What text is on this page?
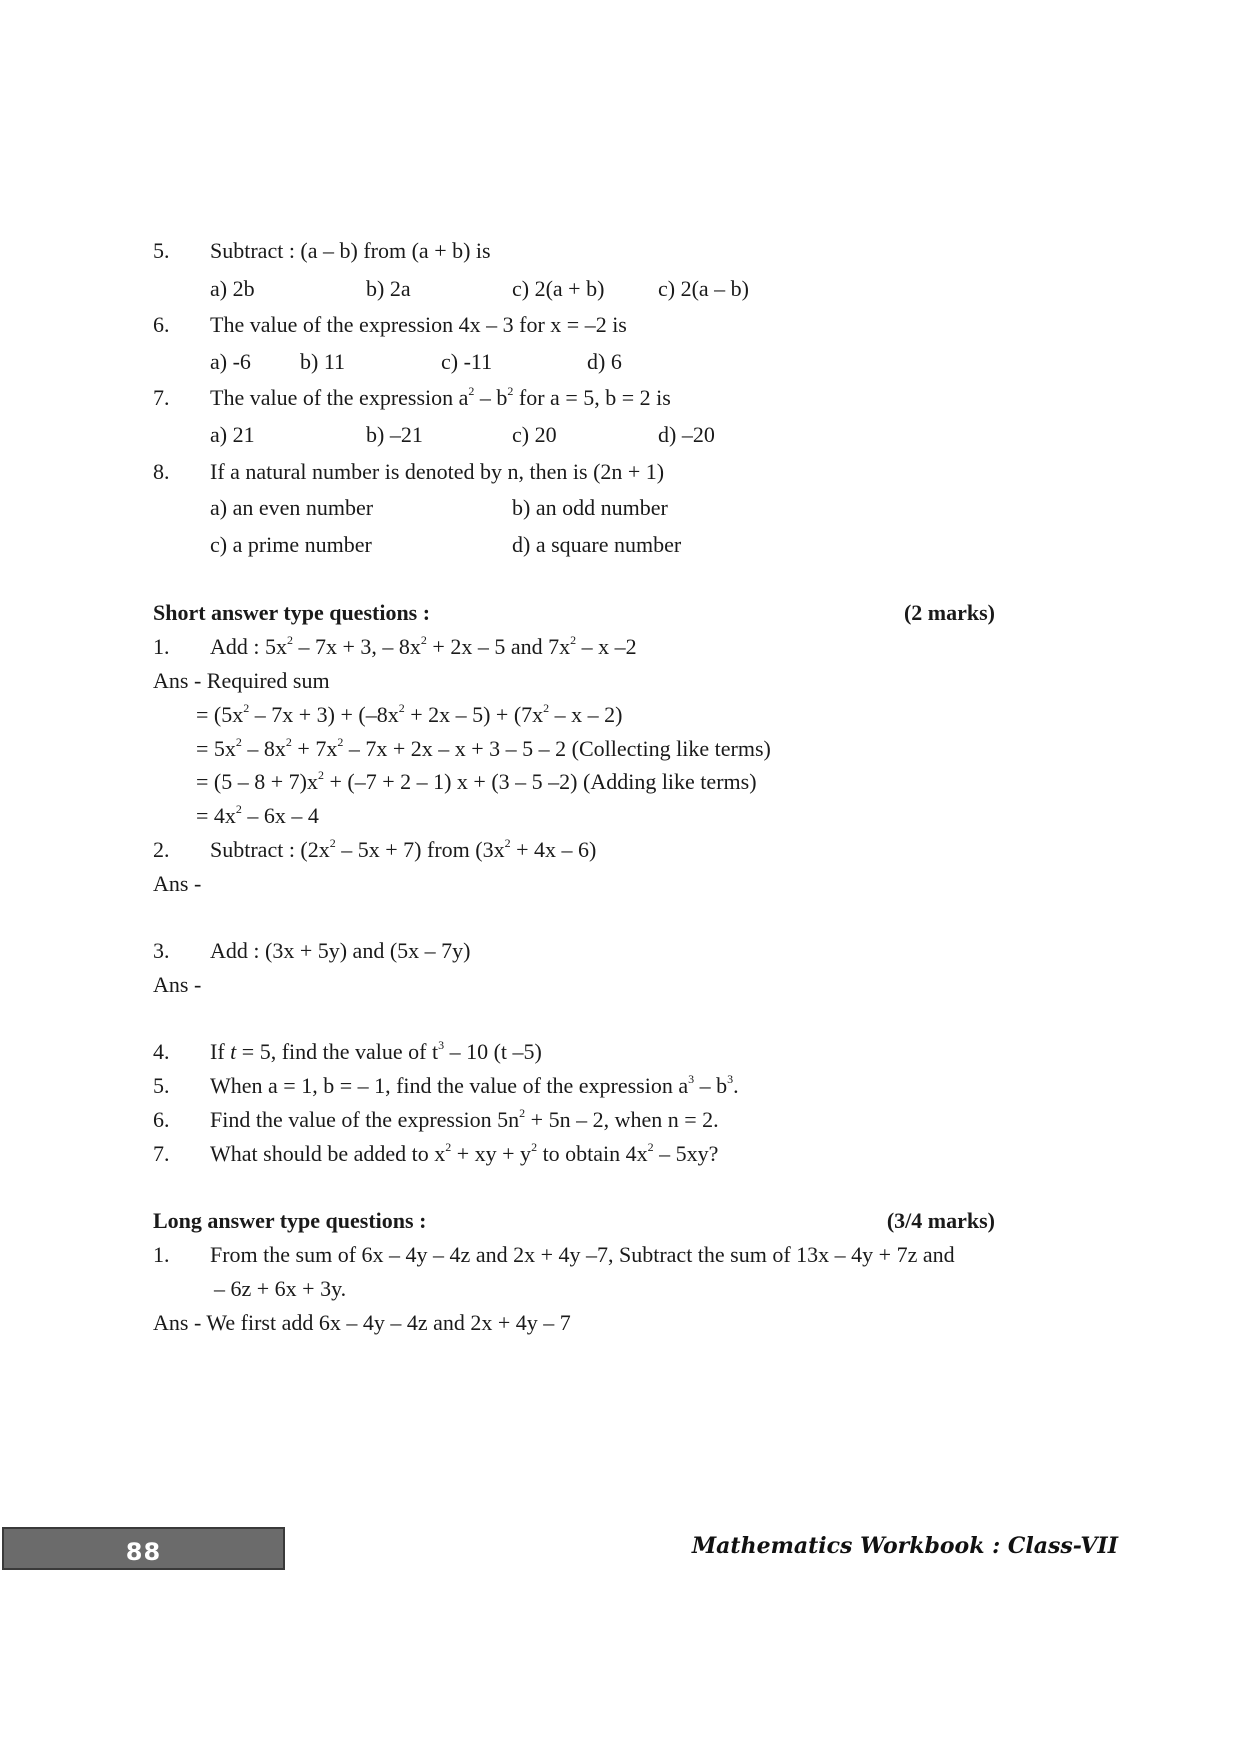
5. Subtract : (a – b) from (a + b) is
a) 2b	b) 2a	c) 2(a + b) c) 2(a – b)
6. The value of the expression 4x – 3 for x = –2 is
a) -6 b) 11	c) -11	d) 6
7. The value of the expression $a^2 - b^2$ for a = 5, b = 2 is
a) 21	b) –21	c) 20	d) –20
8. If a natural number is denoted by n, then is (2n + 1)
a) an even number	b) an odd number
c) a prime number	d) a square number
Short answer type questions :	(2 marks)
1. Add : $5x^2 - 7x + 3$, – $8x^2 + 2x - 5$ and $7x^2$ – x –2
Ans - Required sum
= $(5x^2 - 7x + 3) + (-8x^2 + 2x - 5) + (7x^2 - x - 2)$
= $5x^2 - 8x^2 + 7x^2 - 7x + 2x - x + 3 - 5 - 2$ (Collecting like terms)
= $(5 - 8 + 7)x^2 + (-7 + 2 - 1)$ x + (3 – 5 –2) (Adding like terms)
= $4x^2 - 6x - 4$
2. Subtract : $(2x^2 - 5x + 7)$ from $(3x^2 + 4x - 6)$
Ans -
3. Add : (3x + 5y) and (5x – 7y)
Ans -
4. If t = 5, find the value of $t^3 - 10$ (t –5)
5. When a = 1, b = – 1, find the value of the expression $a^3 - b^3$.
6. Find the value of the expression $5n^2 + 5n - 2$, when n = 2.
7. What should be added to $x^2$ + xy + $y^2$ to obtain $4x^2 - 5xy$?
Long answer type questions :	(3/4 marks)
1. From the sum of 6x – 4y – 4z and 2x + 4y –7, Subtract the sum of 13x – 4y + 7z and
– 6z + 6x + 3y.
Ans - We first add 6x – 4y – 4z and 2x + 4y – 7
88	Mathematics Workbook : Class-VII
